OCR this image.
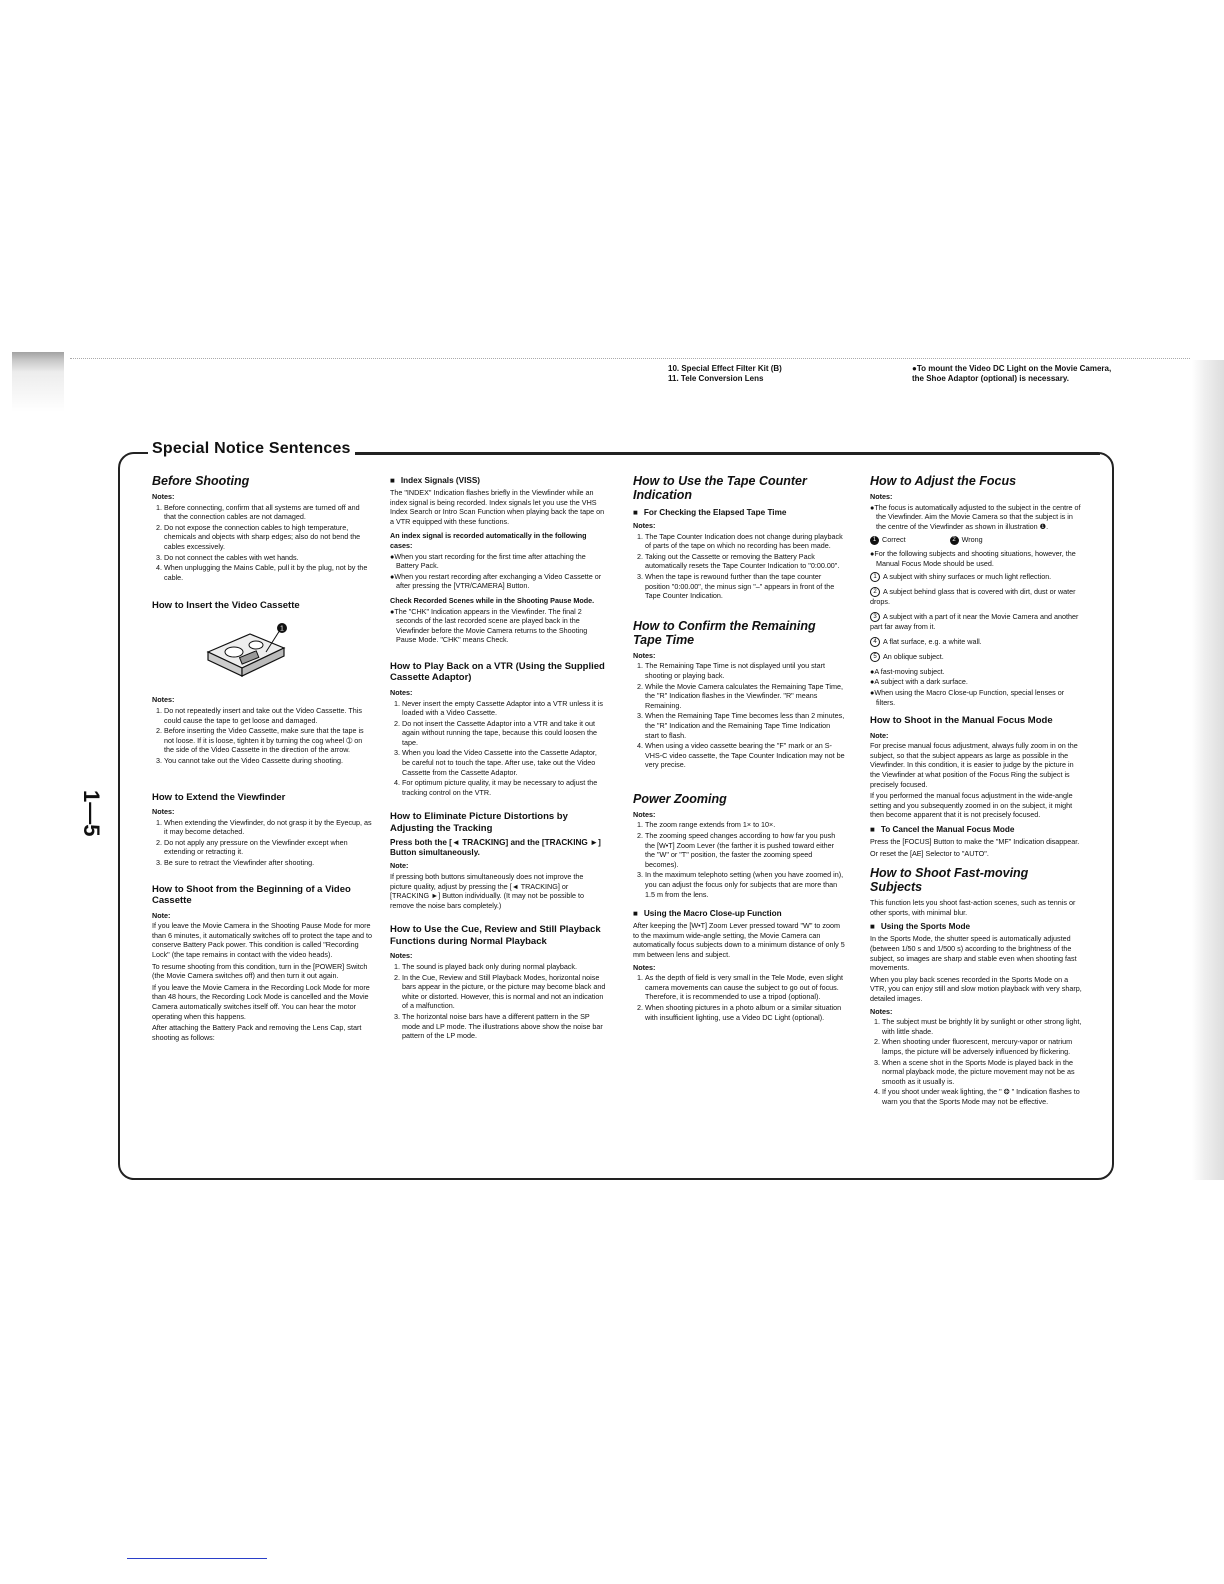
10. Special Effect Filter Kit (B)
11. Tele Conversion Lens
●To mount the Video DC Light on the Movie Camera, the Shoe Adaptor (optional) is necessary.
1—5
Special Notice Sentences
Before Shooting
Notes:
1. Before connecting, confirm that all systems are turned off and that the connection cables are not damaged.
2. Do not expose the connection cables to high temperature, chemicals and objects with sharp edges; also do not bend the cables excessively.
3. Do not connect the cables with wet hands.
4. When unplugging the Mains Cable, pull it by the plug, not by the cable.
How to Insert the Video Cassette
1
Notes:
1. Do not repeatedly insert and take out the Video Cassette. This could cause the tape to get loose and damaged.
2. Before inserting the Video Cassette, make sure that the tape is not loose. If it is loose, tighten it by turning the cog wheel ➀ on the side of the Video Cassette in the direction of the arrow.
3. You cannot take out the Video Cassette during shooting.
How to Extend the Viewfinder
Notes:
1. When extending the Viewfinder, do not grasp it by the Eyecup, as it may become detached.
2. Do not apply any pressure on the Viewfinder except when extending or retracting it.
3. Be sure to retract the Viewfinder after shooting.
How to Shoot from the Beginning of a Video Cassette
Note:

If you leave the Movie Camera in the Shooting Pause Mode for more than 6 minutes, it automatically switches off to protect the tape and to conserve Battery Pack power. This condition is called "Recording Lock" (the tape remains in contact with the video heads).

To resume shooting from this condition, turn in the [POWER] Switch (the Movie Camera switches off) and then turn it out again.

If you leave the Movie Camera in the Recording Lock Mode for more than 48 hours, the Recording Lock Mode is cancelled and the Movie Camera automatically switches itself off. You can hear the motor operating when this happens.

After attaching the Battery Pack and removing the Lens Cap, start shooting as follows:

■ Index Signals (VISS)

The "INDEX" Indication flashes briefly in the Viewfinder while an index signal is being recorded. Index signals let you use the VHS Index Search or Intro Scan Function when playing back the tape on a VTR equipped with these functions.

An index signal is recorded automatically in the following cases:
●When you start recording for the first time after attaching the Battery Pack.
●When you restart recording after exchanging a Video Cassette or after pressing the [VTR/CAMERA] Button.
Check Recorded Scenes while in the Shooting Pause Mode.
●The "CHK" Indication appears in the Viewfinder. The final 2 seconds of the last recorded scene are played back in the Viewfinder before the Movie Camera returns to the Shooting Pause Mode. "CHK" means Check.
How to Play Back on a VTR (Using the Supplied Cassette Adaptor)
Notes:
1. Never insert the empty Cassette Adaptor into a VTR unless it is loaded with a Video Cassette.
2. Do not insert the Cassette Adaptor into a VTR and take it out again without running the tape, because this could loosen the tape.
3. When you load the Video Cassette into the Cassette Adaptor, be careful not to touch the tape. After use, take out the Video Cassette from the Cassette Adaptor.
4. For optimum picture quality, it may be necessary to adjust the tracking control on the VTR.
How to Eliminate Picture Distortions by Adjusting the Tracking
Press both the [◄ TRACKING] and the [TRACKING ►] Button simultaneously.
Note:

If pressing both buttons simultaneously does not improve the picture quality, adjust by pressing the [◄ TRACKING] or [TRACKING ►] Button individually. (It may not be possible to remove the noise bars completely.)

How to Use the Cue, Review and Still Playback Functions during Normal Playback
Notes:
1. The sound is played back only during normal playback.
2. In the Cue, Review and Still Playback Modes, horizontal noise bars appear in the picture, or the picture may become black and white or distorted. However, this is normal and not an indication of a malfunction.
3. The horizontal noise bars have a different pattern in the SP mode and LP mode. The illustrations above show the noise bar pattern of the LP mode.
How to Use the Tape Counter Indication
■ For Checking the Elapsed Tape Time
Notes:
1. The Tape Counter Indication does not change during playback of parts of the tape on which no recording has been made.
2. Taking out the Cassette or removing the Battery Pack automatically resets the Tape Counter Indication to "0:00.00".
3. When the tape is rewound further than the tape counter position "0:00.00", the minus sign "–" appears in front of the Tape Counter Indication.
How to Confirm the Remaining Tape Time
Notes:
1. The Remaining Tape Time is not displayed until you start shooting or playing back.
2. While the Movie Camera calculates the Remaining Tape Time, the "R" Indication flashes in the Viewfinder. "R" means Remaining.
3. When the Remaining Tape Time becomes less than 2 minutes, the "R" Indication and the Remaining Tape Time Indication start to flash.
4. When using a video cassette bearing the "F" mark or an S-VHS-C video cassette, the Tape Counter Indication may not be very precise.
Power Zooming
Notes:
1. The zoom range extends from 1× to 10×.
2. The zooming speed changes according to how far you push the [W•T] Zoom Lever (the farther it is pushed toward either the "W" or "T" position, the faster the zooming speed becomes).
3. In the maximum telephoto setting (when you have zoomed in), you can adjust the focus only for subjects that are more than 1.5 m from the lens.
■ Using the Macro Close-up Function

After keeping the [W•T] Zoom Lever pressed toward "W" to zoom to the maximum wide-angle setting, the Movie Camera can automatically focus subjects down to a minimum distance of only 5 mm between lens and subject.

Notes:
1. As the depth of field is very small in the Tele Mode, even slight camera movements can cause the subject to go out of focus. Therefore, it is recommended to use a tripod (optional).
2. When shooting pictures in a photo album or a similar situation with insufficient lighting, use a Video DC Light (optional).
How to Adjust the Focus
Notes:
●The focus is automatically adjusted to the subject in the centre of the Viewfinder. Aim the Movie Camera so that the subject is in the centre of the Viewfinder as shown in illustration ❶.
1 Correct	2 Wrong
●For the following subjects and shooting situations, however, the Manual Focus Mode should be used.

1 A subject with shiny surfaces or much light reflection.

2 A subject behind glass that is covered with dirt, dust or water drops.

3 A subject with a part of it near the Movie Camera and another part far away from it.

4 A flat surface, e.g. a white wall.

5 An oblique subject.

●A fast-moving subject.
●A subject with a dark surface.
●When using the Macro Close-up Function, special lenses or filters.
How to Shoot in the Manual Focus Mode
Note:

For precise manual focus adjustment, always fully zoom in on the subject, so that the subject appears as large as possible in the Viewfinder. In this condition, it is easier to judge by the picture in the Viewfinder at what position of the Focus Ring the subject is precisely focused.

If you performed the manual focus adjustment in the wide-angle setting and you subsequently zoomed in on the subject, it might then become apparent that it is not precisely focused.

■ To Cancel the Manual Focus Mode

Press the [FOCUS] Button to make the "MF" Indication disappear.

Or reset the [AE] Selector to "AUTO".

How to Shoot Fast-moving Subjects

This function lets you shoot fast-action scenes, such as tennis or other sports, with minimal blur.

■ Using the Sports Mode

In the Sports Mode, the shutter speed is automatically adjusted (between 1/50 s and 1/500 s) according to the brightness of the subject, so images are sharp and stable even when shooting fast movements.

When you play back scenes recorded in the Sports Mode on a VTR, you can enjoy still and slow motion playback with very sharp, detailed images.

Notes:
1. The subject must be brightly lit by sunlight or other strong light, with little shade.
2. When shooting under fluorescent, mercury-vapor or natrium lamps, the picture will be adversely influenced by flickering.
3. When a scene shot in the Sports Mode is played back in the normal playback mode, the picture movement may not be as smooth as it usually is.
4. If you shoot under weak lighting, the " ❂ " Indication flashes to warn you that the Sports Mode may not be effective.
